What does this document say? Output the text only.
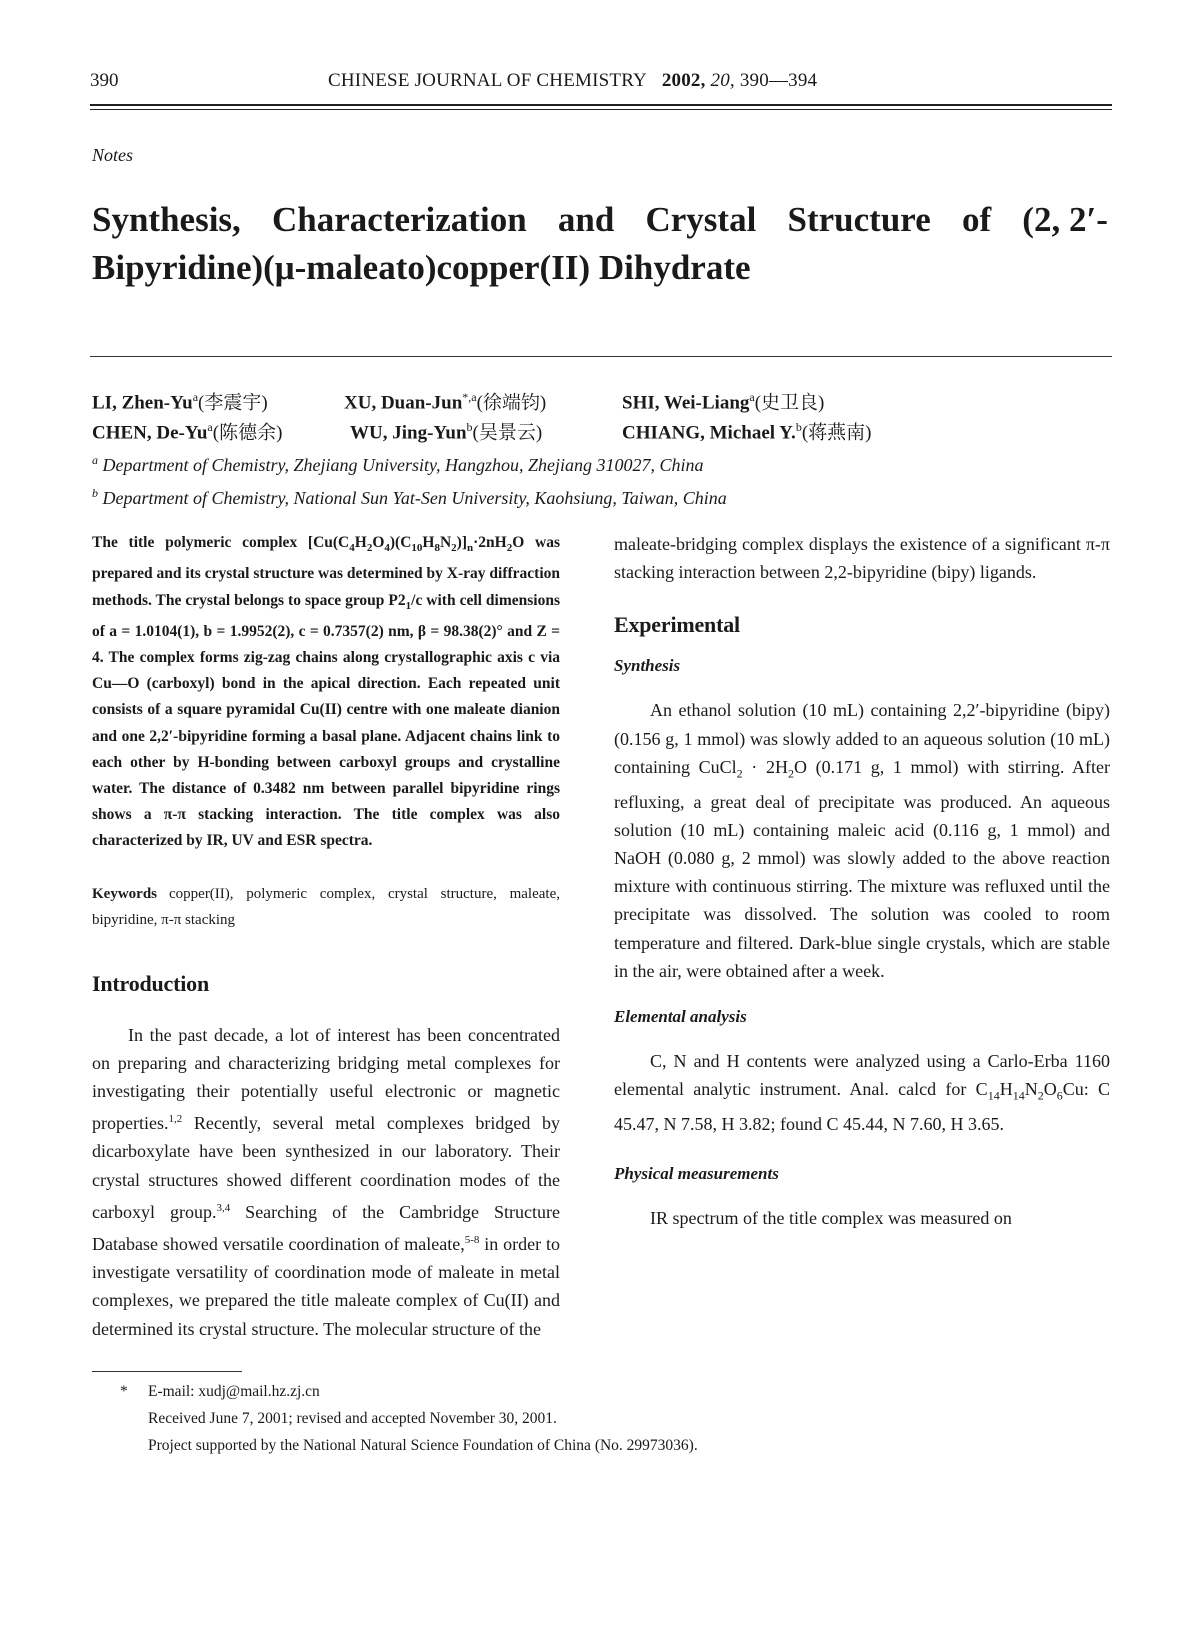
390	CHINESE JOURNAL OF CHEMISTRY 2002, 20, 390—394
Notes
Synthesis, Characterization and Crystal Structure of (2, 2′-
Bipyridine)(μ-maleato)copper(II) Dihydrate
LI, Zhen-Yu$^a$(李震宇)	XU, Duan-Jun$^{*,a}$(徐端钧)	SHI, Wei-Liang$^a$(史卫良)
CHEN, De-Yu$^a$(陈德余)	WU, Jing-Yun$^b$(吴景云)	CHIANG, Michael Y.$^b$(蒋燕南)
$^a$ Department of Chemistry, Zhejiang University, Hangzhou, Zhejiang 310027, China
$^b$ Department of Chemistry, National Sun Yat-Sen University, Kaohsiung, Taiwan, China

The title polymeric complex $[Cu(C_4H_2O_4)(C_{10}H_8N_2)]_n\cdot 2nH_2O$ was prepared and its crystal structure was determined by X-ray diffraction methods. The crystal belongs to space group $P2_1/c$ with cell dimensions of a = 1.0104(1), b = 1.9952(2), c = 0.7357(2) nm, β = 98.38(2)° and Z = 4. The complex forms zig-zag chains along crystallographic axis c via Cu—O (carboxyl) bond in the apical direction. Each repeated unit consists of a square pyramidal Cu(II) centre with one maleate dianion and one 2,2′-bipyridine forming a basal plane. Adjacent chains link to each other by H-bonding between carboxyl groups and crystalline water. The distance of 0.3482 nm between parallel bipyridine rings shows a π-π stacking interaction. The title complex was also characterized by IR, UV and ESR spectra.

Keywords copper(II), polymeric complex, crystal structure, maleate, bipyridine, π-π stacking

Introduction

In the past decade, a lot of interest has been concentrated on preparing and characterizing bridging metal complexes for investigating their potentially useful electronic or magnetic properties.$^{1,2}$ Recently, several metal complexes bridged by dicarboxylate have been synthesized in our laboratory. Their crystal structures showed different coordination modes of the carboxyl group.$^{3,4}$ Searching of the Cambridge Structure Database showed versatile coordination of maleate,$^{5-8}$ in order to investigate versatility of coordination mode of maleate in metal complexes, we prepared the title maleate complex of Cu(II) and determined its crystal structure. The molecular structure of the

maleate-bridging complex displays the existence of a significant π-π stacking interaction between 2,2-bipyridine (bipy) ligands.

Experimental
Synthesis

An ethanol solution (10 mL) containing 2,2′-bipyridine (bipy) (0.156 g, 1 mmol) was slowly added to an aqueous solution (10 mL) containing CuCl$_2$ · $2H_2O$ (0.171 g, 1 mmol) with stirring. After refluxing, a great deal of precipitate was produced. An aqueous solution (10 mL) containing maleic acid (0.116 g, 1 mmol) and NaOH (0.080 g, 2 mmol) was slowly added to the above reaction mixture with continuous stirring. The mixture was refluxed until the precipitate was dissolved. The solution was cooled to room temperature and filtered. Dark-blue single crystals, which are stable in the air, were obtained after a week.

Elemental analysis

C, N and H contents were analyzed using a Carlo-Erba 1160 elemental analytic instrument. Anal. calcd for $C_{14}H_{14}N_2O_6Cu$: C 45.47, N 7.58, H 3.82; found C 45.44, N 7.60, H 3.65.

Physical measurements

IR spectrum of the title complex was measured on

* E-mail: xudj@mail.hz.zj.cn
Received June 7, 2001; revised and accepted November 30, 2001.
Project supported by the National Natural Science Foundation of China (No. 29973036).
